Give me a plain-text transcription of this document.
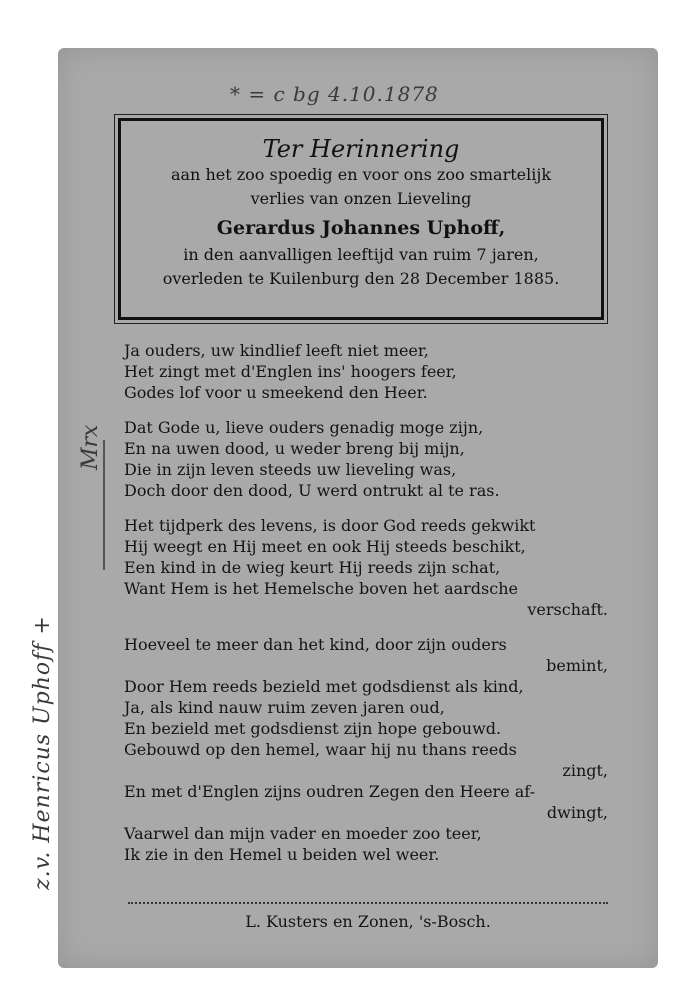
* = c bg 4.10.1878
z.v. Henricus Uphoff +
Mrx
Ter Herinnering
aan het zoo spoedig en voor ons zoo smartelijk
verlies van onzen Lieveling
Gerardus Johannes Uphoff,
in den aanvalligen leeftijd van ruim 7 jaren,
overleden te Kuilenburg den 28 December 1885.
Ja ouders, uw kindlief leeft niet meer,
Het zingt met d'Englen ins' hoogers feer,
Godes lof voor u smeekend den Heer.
Dat Gode u, lieve ouders genadig moge zijn,
En na uwen dood, u weder breng bij mijn,
Die in zijn leven steeds uw lieveling was,
Doch door den dood, U werd ontrukt al te ras.
Het tijdperk des levens, is door God reeds gekwikt
Hij weegt en Hij meet en ook Hij steeds beschikt,
Een kind in de wieg keurt Hij reeds zijn schat,
Want Hem is het Hemelsche boven het aardsche
verschaft.
Hoeveel te meer dan het kind, door zijn ouders
bemint,
Door Hem reeds bezield met godsdienst als kind,
Ja, als kind nauw ruim zeven jaren oud,
En bezield met godsdienst zijn hope gebouwd.
Gebouwd op den hemel, waar hij nu thans reeds
zingt,
En met d'Englen zijns oudren Zegen den Heere af-
dwingt,
Vaarwel dan mijn vader en moeder zoo teer,
Ik zie in den Hemel u beiden wel weer.
L. Kusters en Zonen, 's-Bosch.
